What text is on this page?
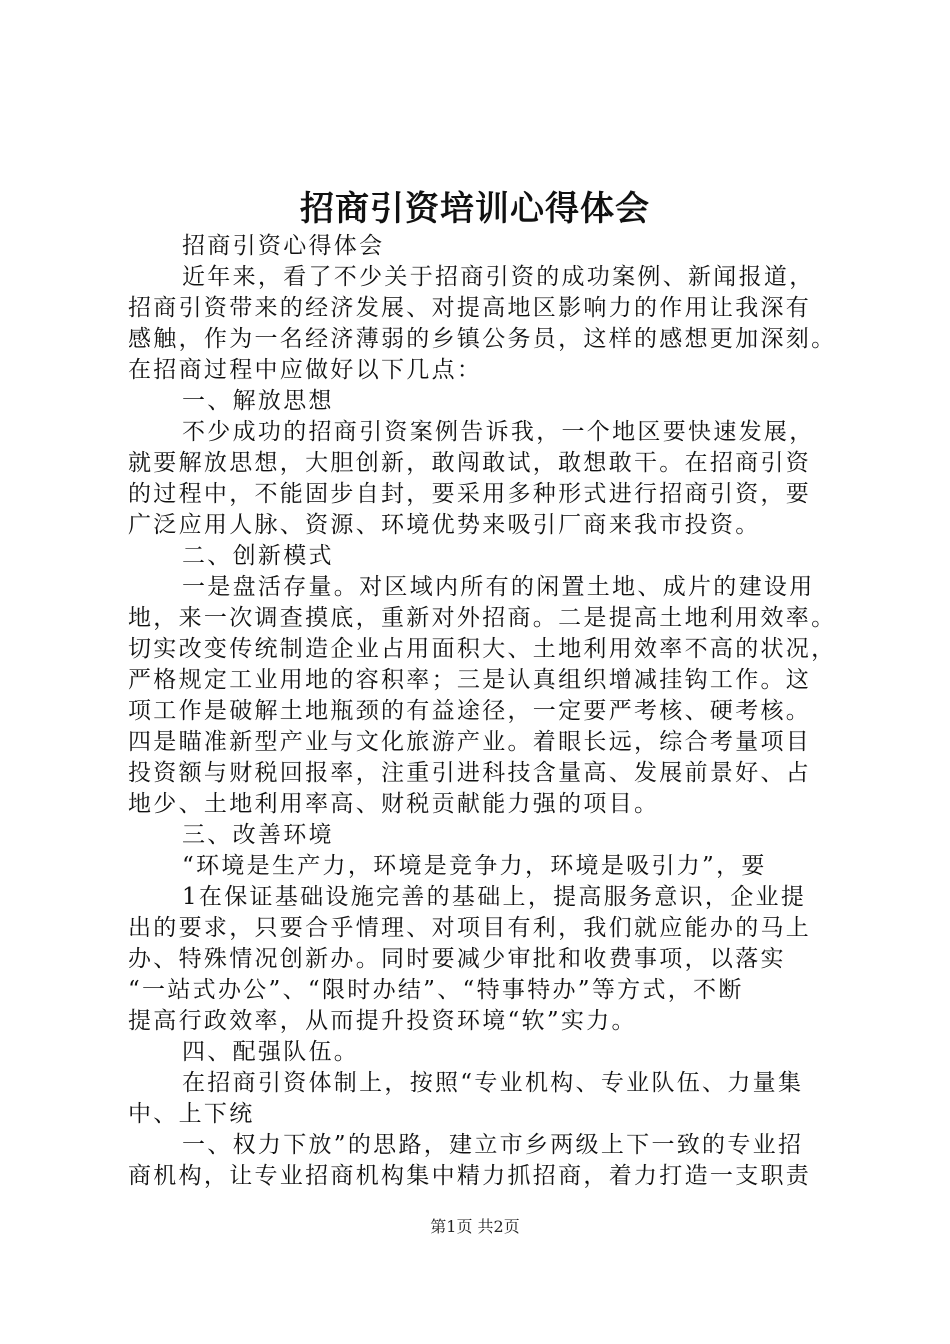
招商引资培训心得体会

招商引资心得体会

近年来，看了不少关于招商引资的成功案例、新闻报道，

招商引资带来的经济发展、对提高地区影响力的作用让我深有

感触，作为一名经济薄弱的乡镇公务员，这样的感想更加深刻。

在招商过程中应做好以下几点：

一、解放思想

不少成功的招商引资案例告诉我，一个地区要快速发展，

就要解放思想，大胆创新，敢闯敢试，敢想敢干。在招商引资

的过程中，不能固步自封，要采用多种形式进行招商引资，要

广泛应用人脉、资源、环境优势来吸引厂商来我市投资。

二、创新模式

一是盘活存量。对区域内所有的闲置土地、成片的建设用

地，来一次调查摸底，重新对外招商。二是提高土地利用效率。

切实改变传统制造企业占用面积大、土地利用效率不高的状况，

严格规定工业用地的容积率；三是认真组织增减挂钩工作。这

项工作是破解土地瓶颈的有益途径，一定要严考核、硬考核。

四是瞄准新型产业与文化旅游产业。着眼长远，综合考量项目

投资额与财税回报率，注重引进科技含量高、发展前景好、占

地少、土地利用率高、财税贡献能力强的项目。

三、改善环境

“环境是生产力，环境是竞争力，环境是吸引力”，要

1在保证基础设施完善的基础上，提高服务意识，企业提

出的要求，只要合乎情理、对项目有利，我们就应能办的马上

办、特殊情况创新办。同时要减少审批和收费事项，以落实

“一站式办公”、“限时办结”、“特事特办”等方式，不断

提高行政效率，从而提升投资环境“软”实力。

四、配强队伍。

在招商引资体制上，按照“专业机构、专业队伍、力量集

中、上下统

一、权力下放”的思路，建立市乡两级上下一致的专业招

商机构，让专业招商机构集中精力抓招商，着力打造一支职责

第1页 共2页
